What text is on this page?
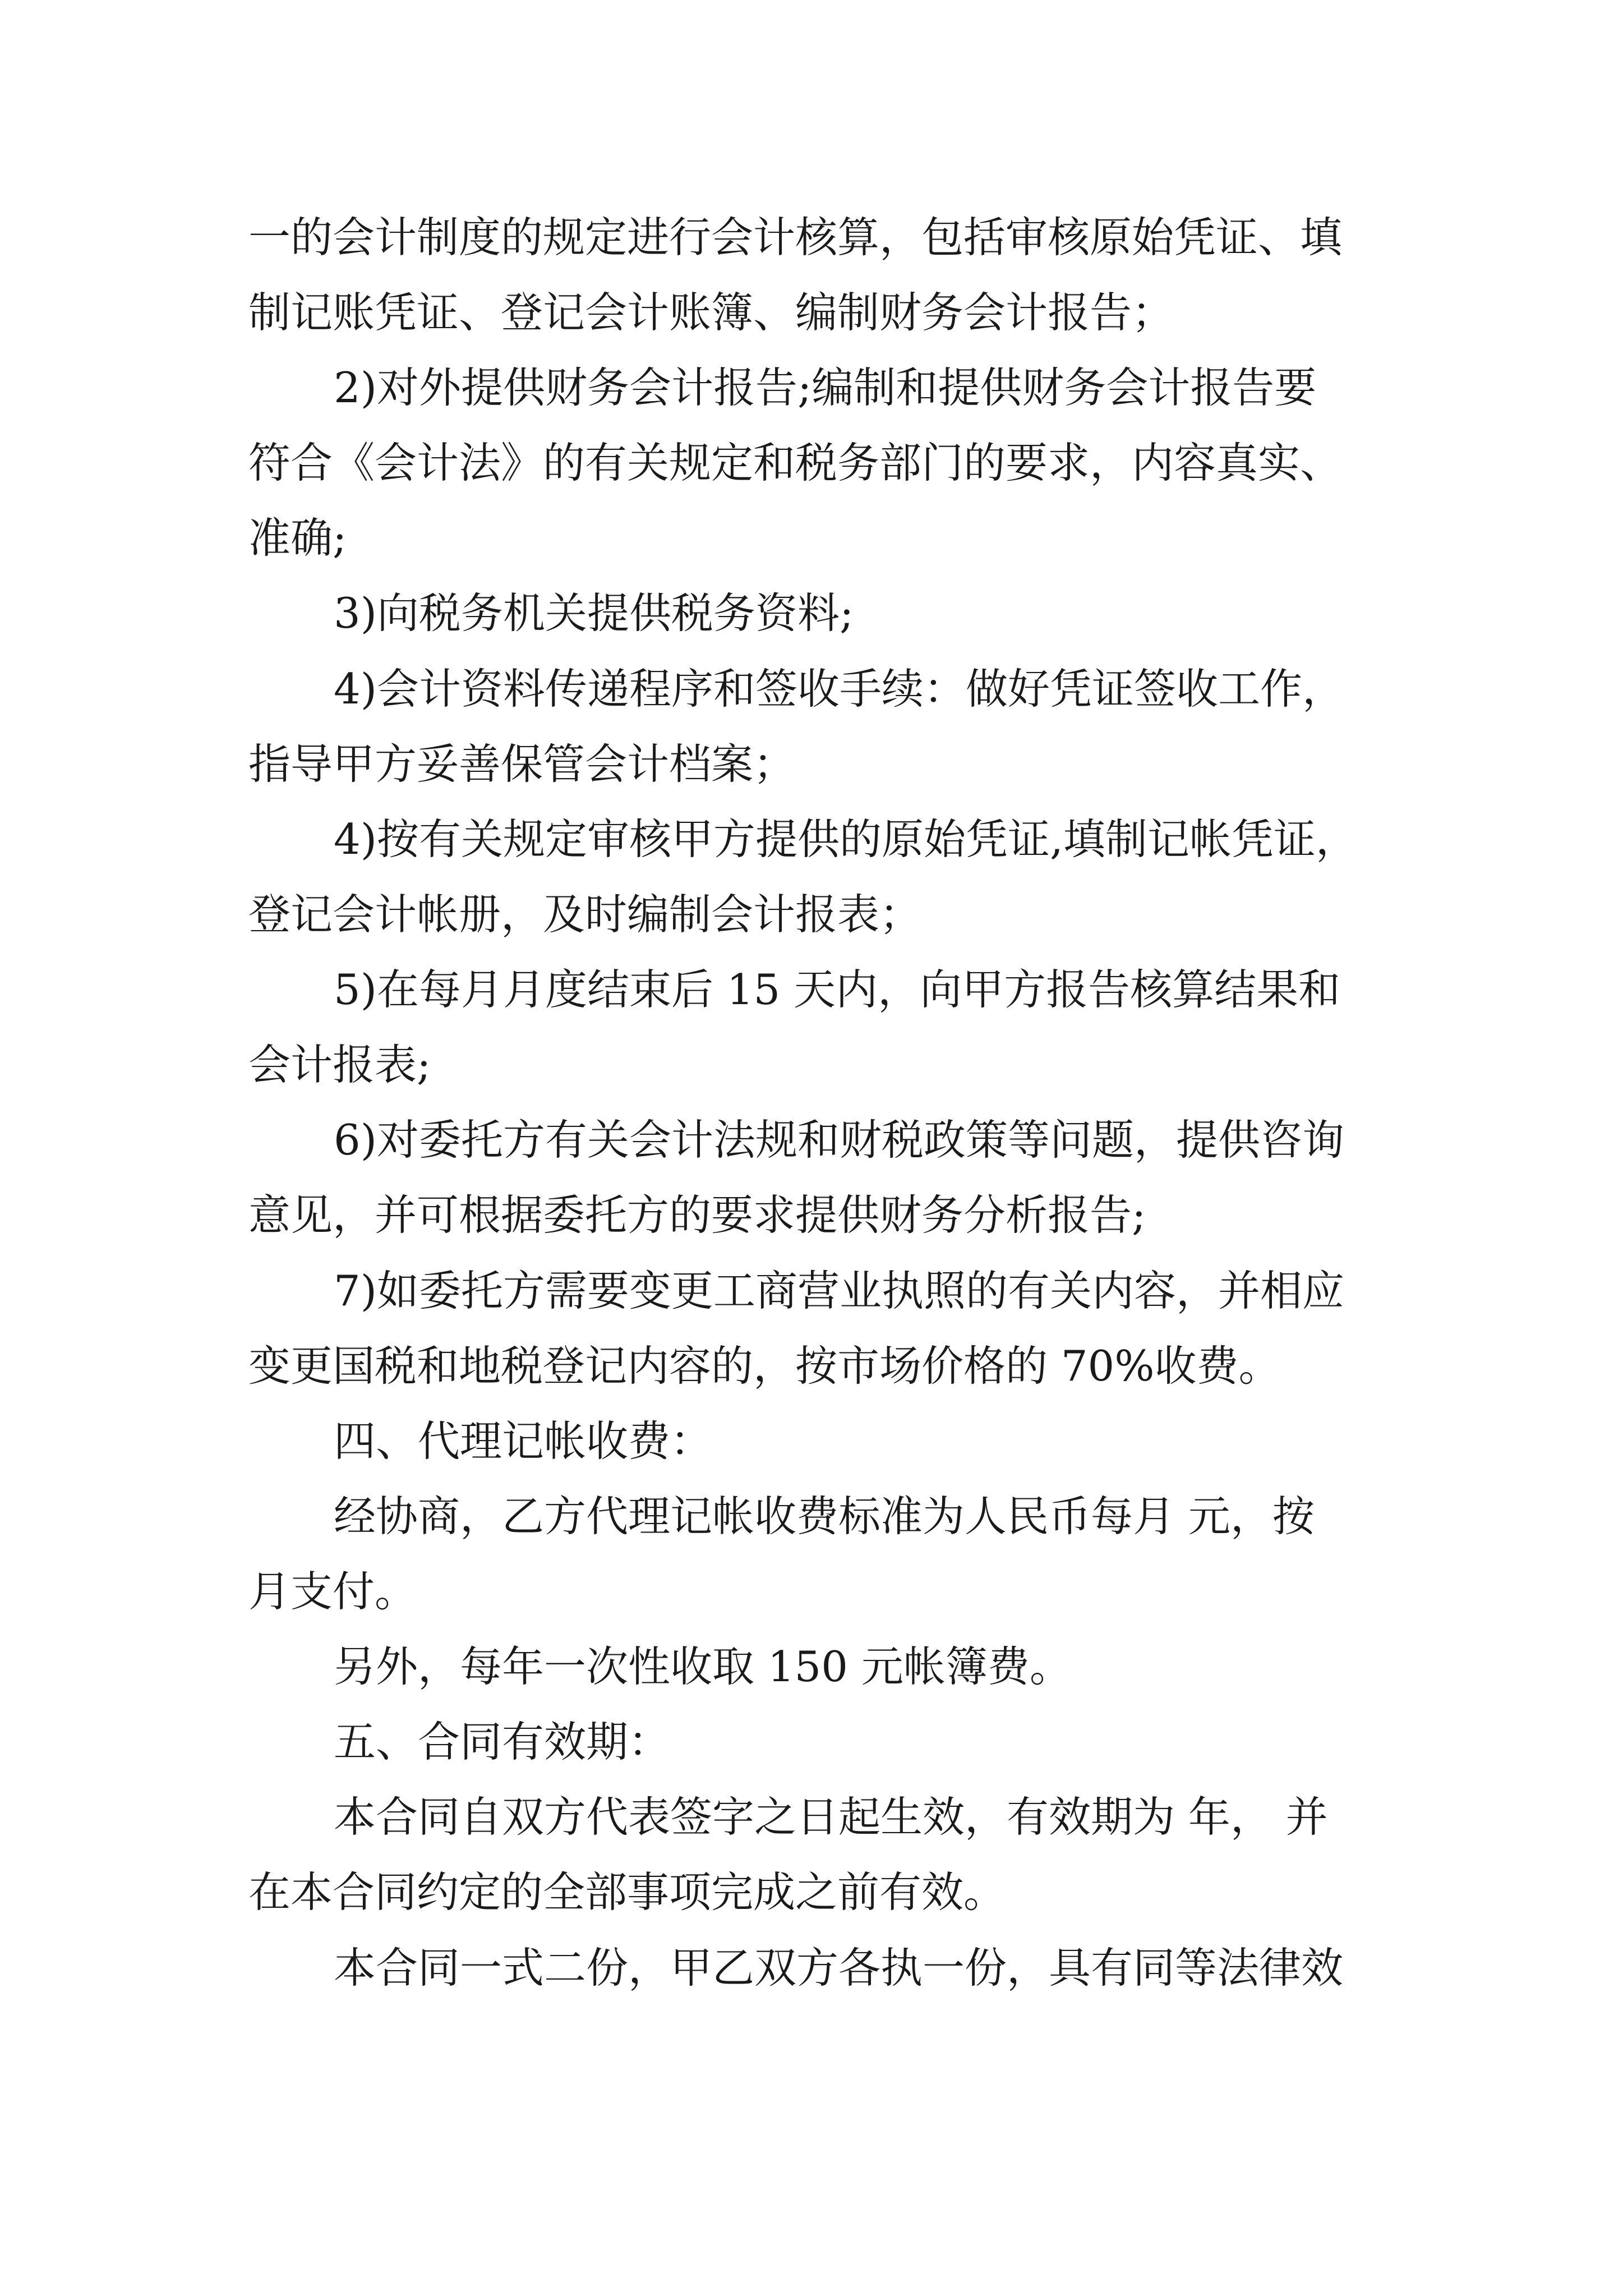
一的会计制度的规定进行会计核算，包括审核原始凭证、填
制记账凭证、登记会计账簿、编制财务会计报告；
2)对外提供财务会计报告;编制和提供财务会计报告要
符合《会计法》的有关规定和税务部门的要求，内容真实、
准确;
3)向税务机关提供税务资料;
4)会计资料传递程序和签收手续：做好凭证签收工作，
指导甲方妥善保管会计档案；
4)按有关规定审核甲方提供的原始凭证,填制记帐凭证，
登记会计帐册，及时编制会计报表；
5)在每月月度结束后 15 天内，向甲方报告核算结果和
会计报表;
6)对委托方有关会计法规和财税政策等问题，提供咨询
意见，并可根据委托方的要求提供财务分析报告;
7)如委托方需要变更工商营业执照的有关内容，并相应
变更国税和地税登记内容的，按市场价格的 70%收费。
四、代理记帐收费：
经协商，乙方代理记帐收费标准为人民币每月 元，按
月支付。
另外，每年一次性收取 150 元帐簿费。
五、合同有效期：
本合同自双方代表签字之日起生效，有效期为 年， 并
在本合同约定的全部事项完成之前有效。
本合同一式二份，甲乙双方各执一份，具有同等法律效
